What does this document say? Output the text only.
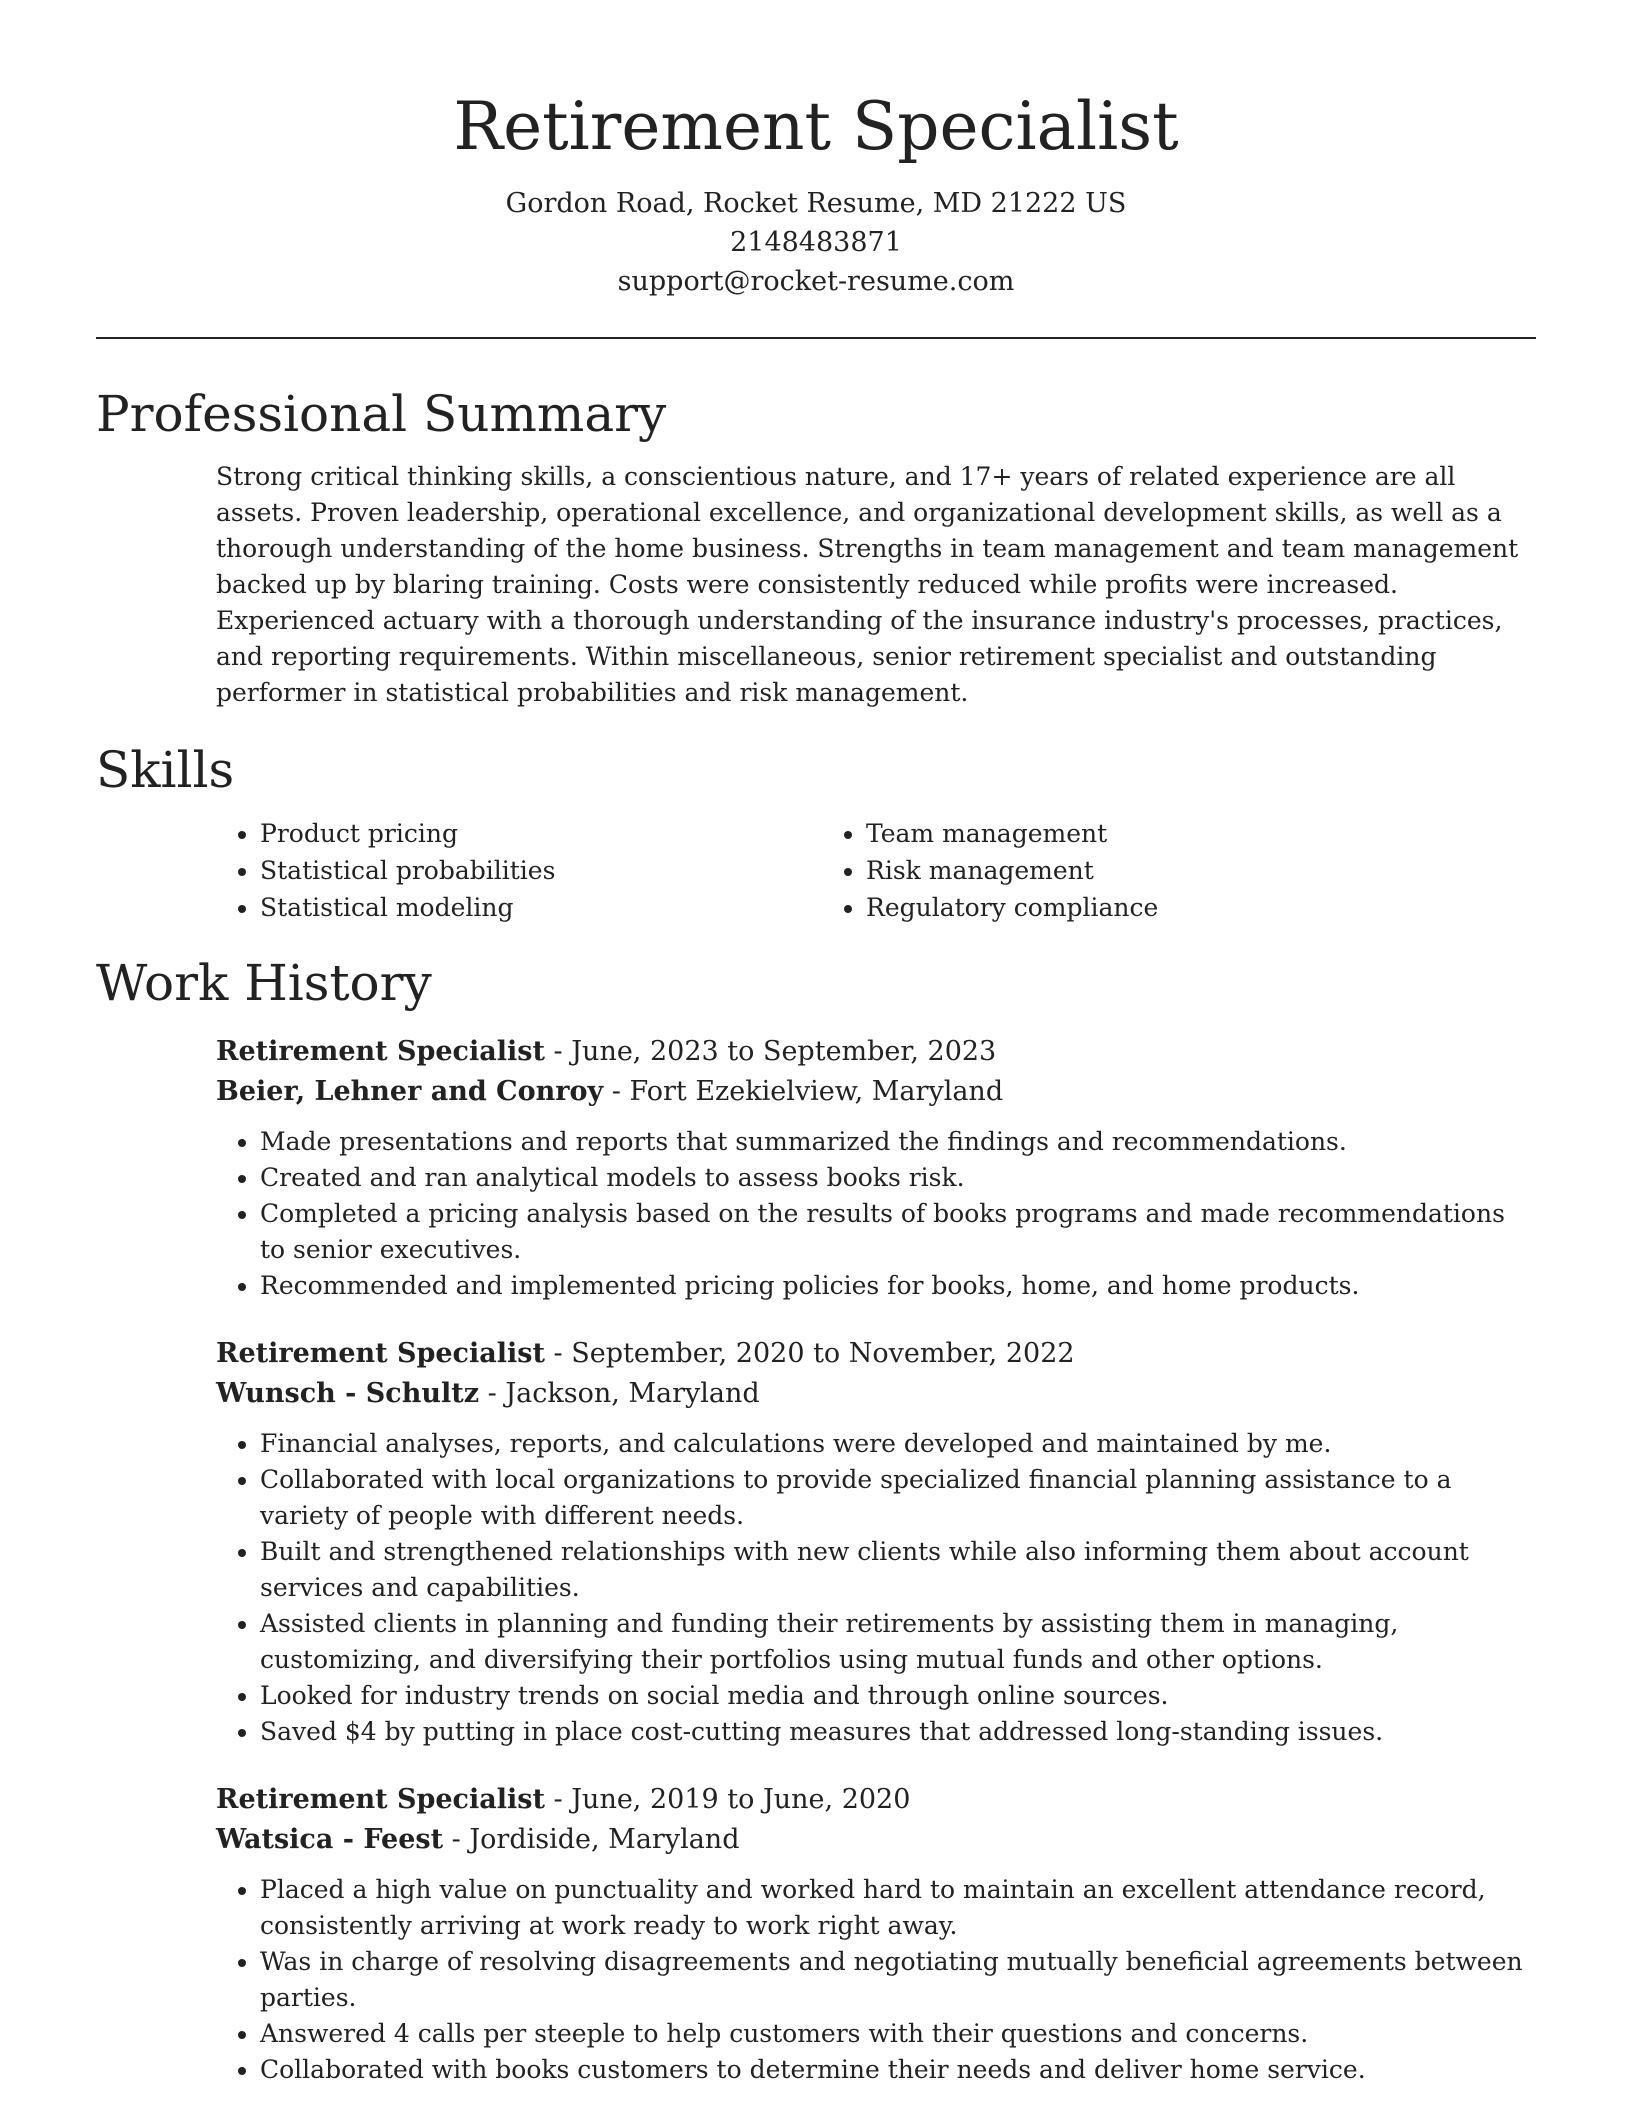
Retirement Specialist
Gordon Road, Rocket Resume, MD 21222 US
2148483871
support@rocket-resume.com
Professional Summary

Strong critical thinking skills, a conscientious nature, and 17+ years of related experience are all assets. Proven leadership, operational excellence, and organizational development skills, as well as a thorough understanding of the home business. Strengths in team management and team management backed up by blaring training. Costs were consistently reduced while profits were increased. Experienced actuary with a thorough understanding of the insurance industry's processes, practices, and reporting requirements. Within miscellaneous, senior retirement specialist and outstanding performer in statistical probabilities and risk management.

Skills
• Product pricing
• Statistical probabilities
• Statistical modeling
• Team management
• Risk management
• Regulatory compliance
Work History
Retirement Specialist - June, 2023 to September, 2023
Beier, Lehner and Conroy - Fort Ezekielview, Maryland
• Made presentations and reports that summarized the findings and recommendations.
• Created and ran analytical models to assess books risk.
• Completed a pricing analysis based on the results of books programs and made recommendations to senior executives.
• Recommended and implemented pricing policies for books, home, and home products.
Retirement Specialist - September, 2020 to November, 2022
Wunsch - Schultz - Jackson, Maryland
• Financial analyses, reports, and calculations were developed and maintained by me.
• Collaborated with local organizations to provide specialized financial planning assistance to a variety of people with different needs.
• Built and strengthened relationships with new clients while also informing them about account services and capabilities.
• Assisted clients in planning and funding their retirements by assisting them in managing, customizing, and diversifying their portfolios using mutual funds and other options.
• Looked for industry trends on social media and through online sources.
• Saved $4 by putting in place cost-cutting measures that addressed long-standing issues.
Retirement Specialist - June, 2019 to June, 2020
Watsica - Feest - Jordiside, Maryland
• Placed a high value on punctuality and worked hard to maintain an excellent attendance record, consistently arriving at work ready to work right away.
• Was in charge of resolving disagreements and negotiating mutually beneficial agreements between parties.
• Answered 4 calls per steeple to help customers with their questions and concerns.
• Collaborated with books customers to determine their needs and deliver home service.
